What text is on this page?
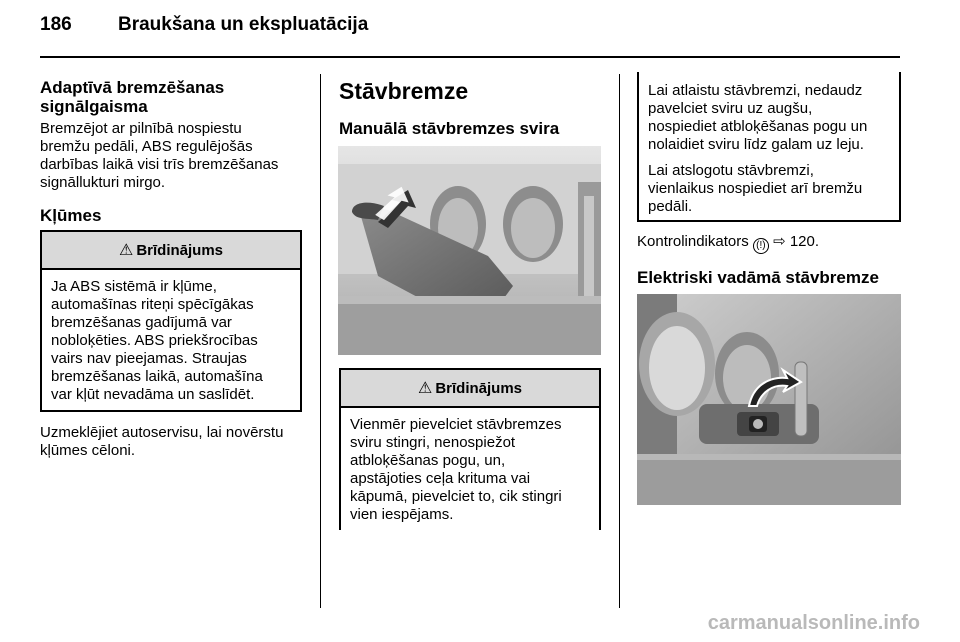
186 Braukšana un ekspluatācija
Adaptīvā bremzēšanas
signālgaisma
Bremzējot ar pilnībā nospiestu
bremžu pedāli, ABS regulējošās
darbības laikā visi trīs bremzēšanas
signāllukturi mirgo.
Kļūmes
⚠ Brīdinājums
Ja ABS sistēmā ir kļūme,
automašīnas riteņi spēcīgākas
bremzēšanas gadījumā var
nobloķēties. ABS priekšrocības
vairs nav pieejamas. Straujas
bremzēšanas laikā, automašīna
var kļūt nevadāma un saslīdēt.
Uzmeklējiet autoservisu, lai novērstu
kļūmes cēloni.
Stāvbremze
Manuālā stāvbremzes svira
⚠ Brīdinājums
Vienmēr pievelciet stāvbremzes
sviru stingri, nenospiežot
atbloķēšanas pogu, un,
apstājoties ceļa krituma vai
kāpumā, pievelciet to, cik stingri
vien iespējams.
Lai atlaistu stāvbremzi, nedaudz
pavelciet sviru uz augšu,
nospiediet atbloķēšanas pogu un
nolaidiet sviru līdz galam uz leju.
Lai atslogotu stāvbremzi,
vienlaikus nospiediet arī bremžu
pedāli.
Kontrolindikators (!) ⇨ 120.
Elektriski vadāmā stāvbremze
carmanualsonline.info
